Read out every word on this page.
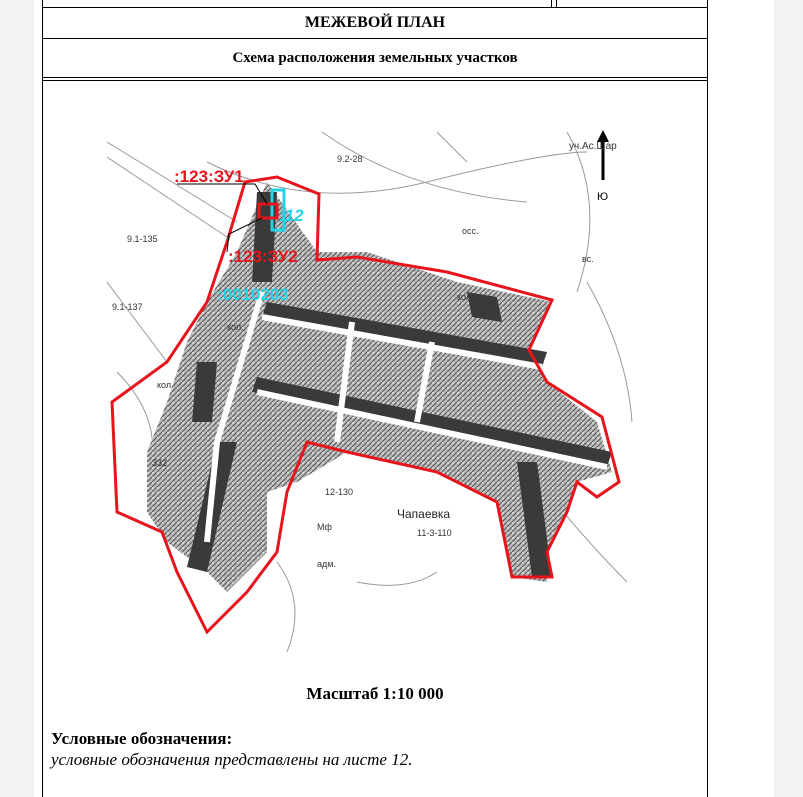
МЕЖЕВОЙ ПЛАН
Схема расположения земельных участков
Ю
:123:ЗУ1
:123:ЗУ2
:12
:0010203
уч.Ас.Шар
Чапаевка
9.2-28
9.1-135
9.1-137
12-130
11-3-110
кол.
кол.
кол.
Мф
адм.
осс.
вс.
332
Масштаб 1:10 000
Условные обозначения:
условные обозначения представлены на листе 12.
